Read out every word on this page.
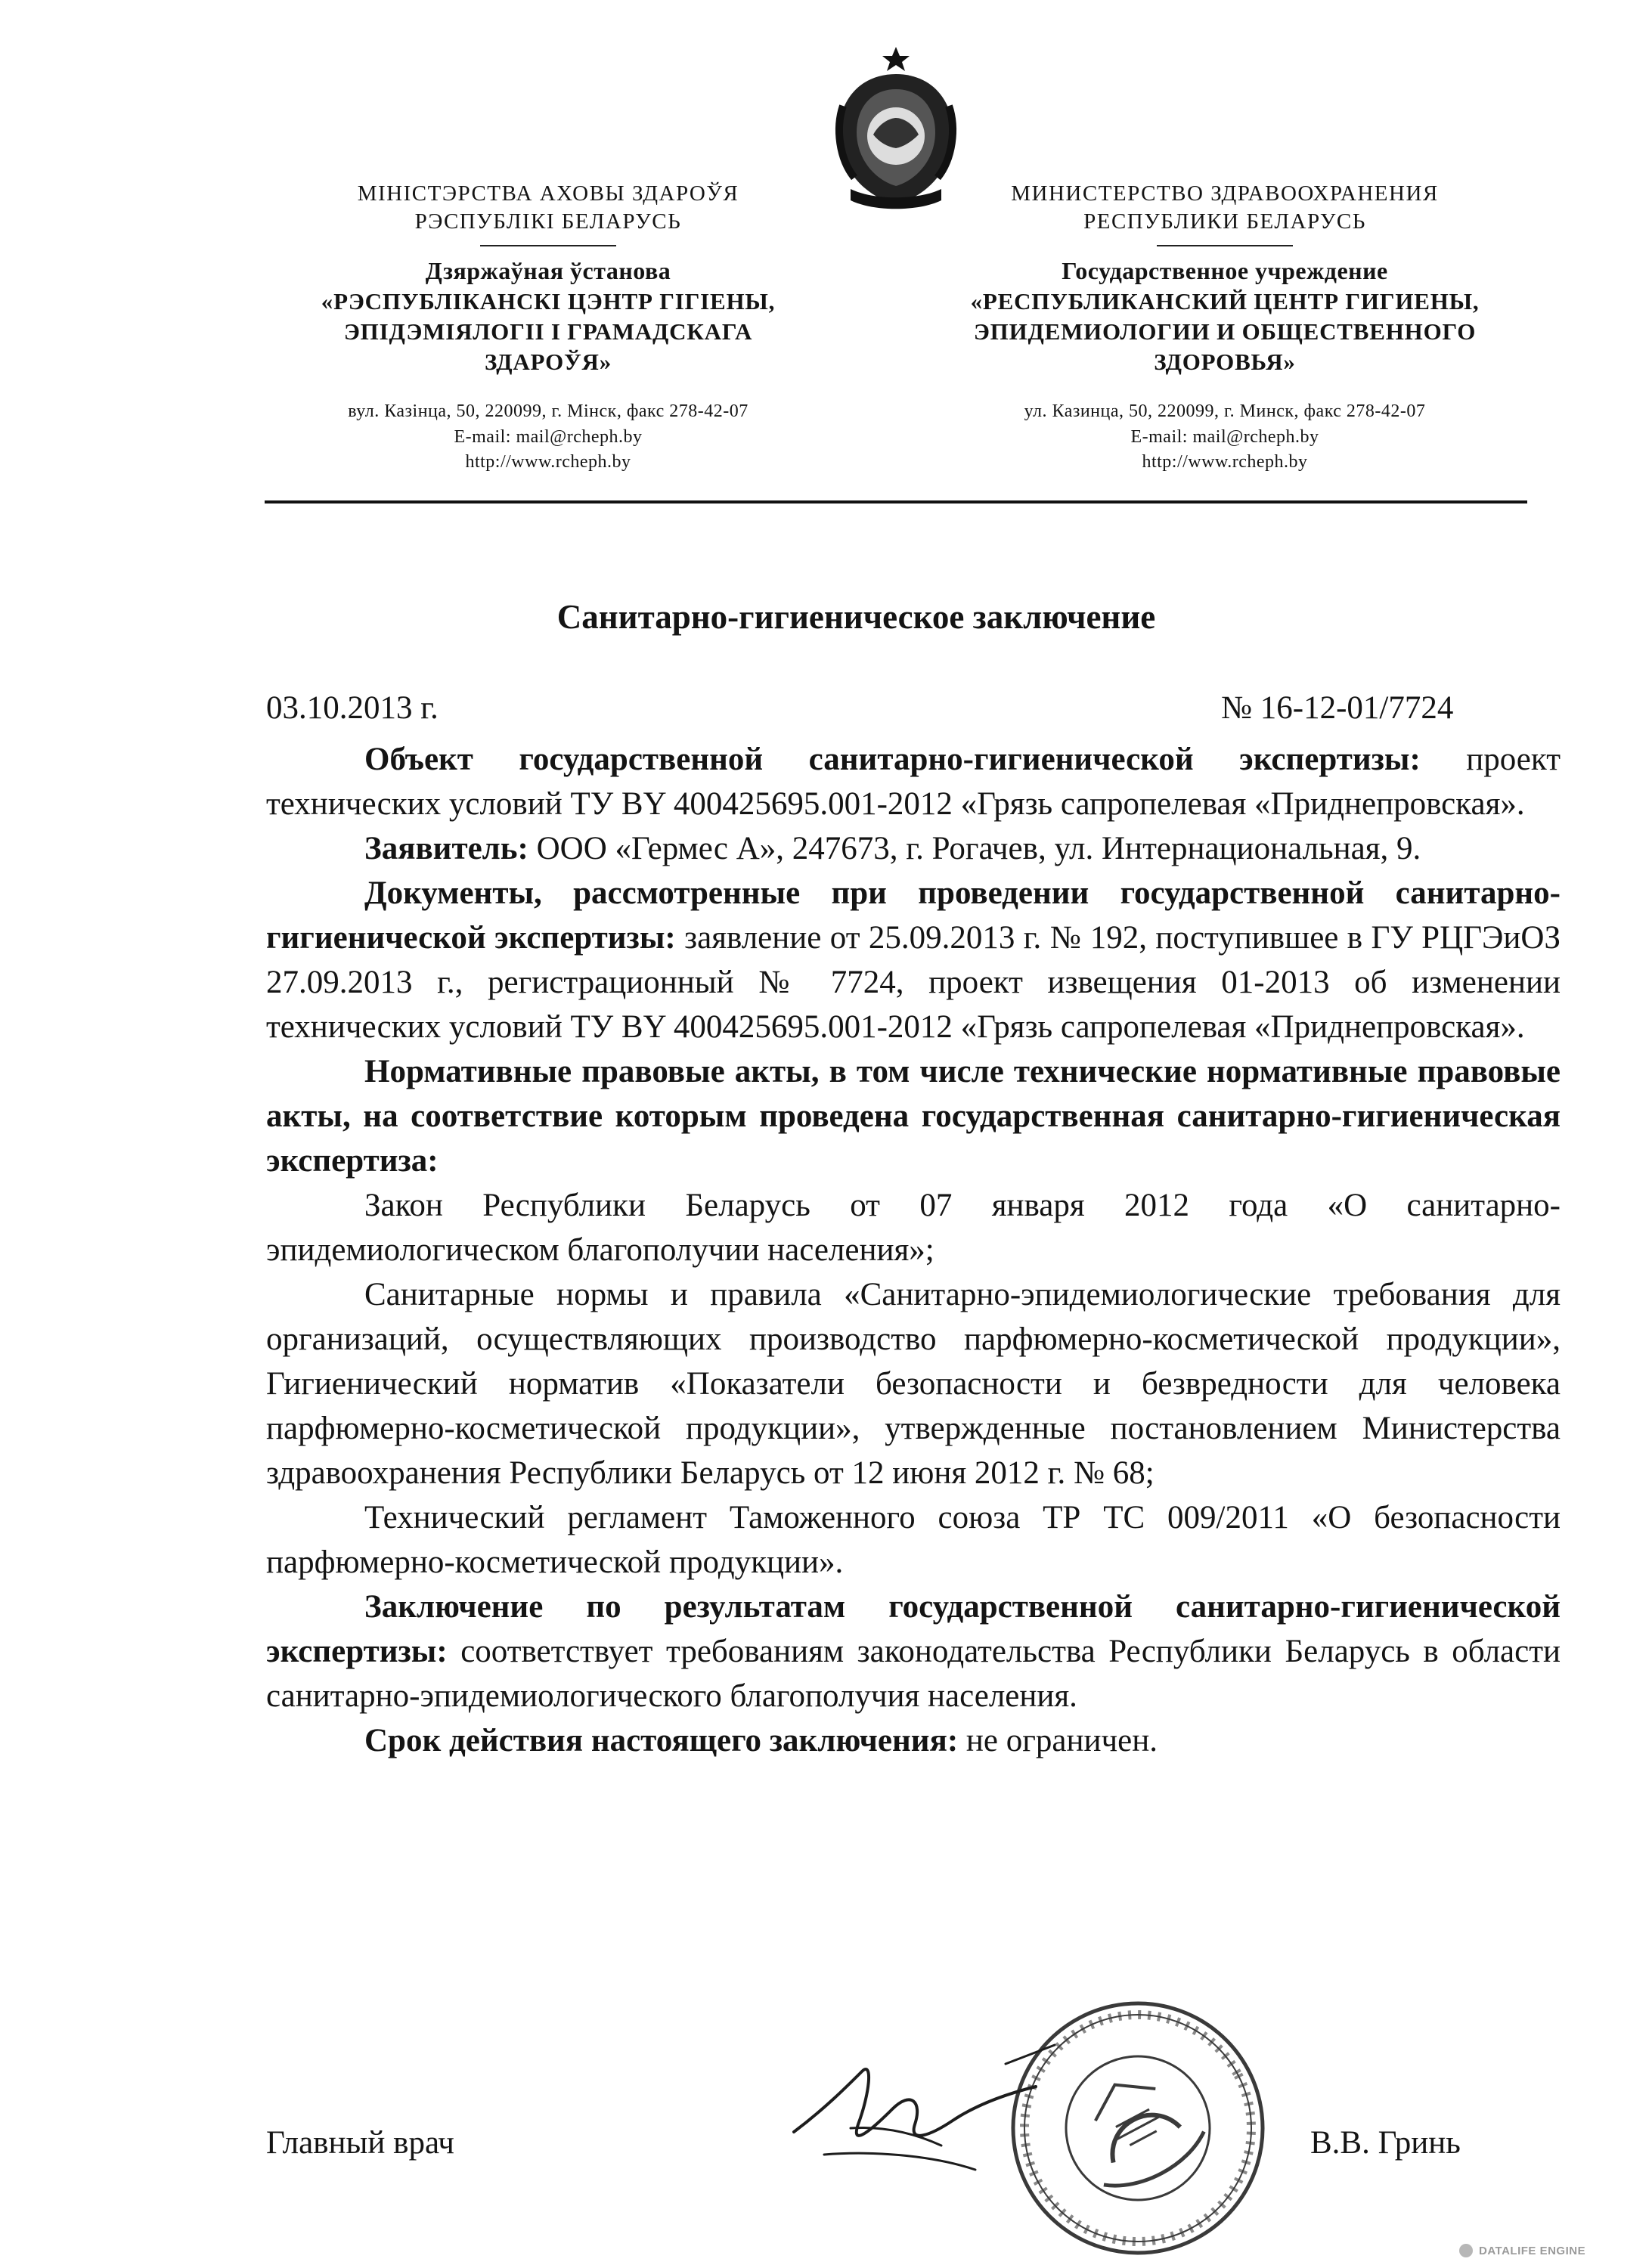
МІНІСТЭРСТВА АХОВЫ ЗДАРОЎЯ
РЭСПУБЛІКІ БЕЛАРУСЬ
Дзяржаўная ўстанова
«РЭСПУБЛІКАНСКІ ЦЭНТР ГІГІЕНЫ,
ЭПІДЭМІЯЛОГІІ І ГРАМАДСКАГА
ЗДАРОЎЯ»
вул. Казінца, 50, 220099, г. Мінск, факс 278-42-07
E-mail: mail@rcheph.by
http://www.rcheph.by
МИНИСТЕРСТВО ЗДРАВООХРАНЕНИЯ
РЕСПУБЛИКИ БЕЛАРУСЬ
Государственное учреждение
«РЕСПУБЛИКАНСКИЙ ЦЕНТР ГИГИЕНЫ,
ЭПИДЕМИОЛОГИИ И ОБЩЕСТВЕННОГО
ЗДОРОВЬЯ»
ул. Казинца, 50, 220099, г. Минск, факс 278-42-07
E-mail: mail@rcheph.by
http://www.rcheph.by
Санитарно-гигиеническое заключение
03.10.2013 г.	№ 16-12-01/7724

Объект государственной санитарно-гигиенической экспертизы: проект технических условий ТУ BY 400425695.001-2012 «Грязь сапропелевая «Приднепровская».

Заявитель: ООО «Гермес А», 247673, г. Рогачев, ул. Интернациональная, 9.

Документы, рассмотренные при проведении государственной санитарно-гигиенической экспертизы: заявление от 25.09.2013 г. № 192, поступившее в ГУ РЦГЭиОЗ 27.09.2013 г., регистрационный № 7724, проект извещения 01-2013 об изменении технических условий ТУ BY 400425695.001-2012 «Грязь сапропелевая «Приднепровская».

Нормативные правовые акты, в том числе технические нормативные правовые акты, на соответствие которым проведена государственная санитарно-гигиеническая экспертиза:

Закон Республики Беларусь от 07 января 2012 года «О санитарно-эпидемиологическом благополучии населения»;

Санитарные нормы и правила «Санитарно-эпидемиологические требования для организаций, осуществляющих производство парфюмерно-косметической продукции», Гигиенический норматив «Показатели безопасности и безвредности для человека парфюмерно-косметической продукции», утвержденные постановлением Министерства здравоохранения Республики Беларусь от 12 июня 2012 г. № 68;

Технический регламент Таможенного союза ТР ТС 009/2011 «О безопасности парфюмерно-косметической продукции».

Заключение по результатам государственной санитарно-гигиенической экспертизы: соответствует требованиям законодательства Республики Беларусь в области санитарно-эпидемиологического благополучия населения.

Срок действия настоящего заключения: не ограничен.

Главный врач	В.В. Гринь
DATALIFE ENGINE
